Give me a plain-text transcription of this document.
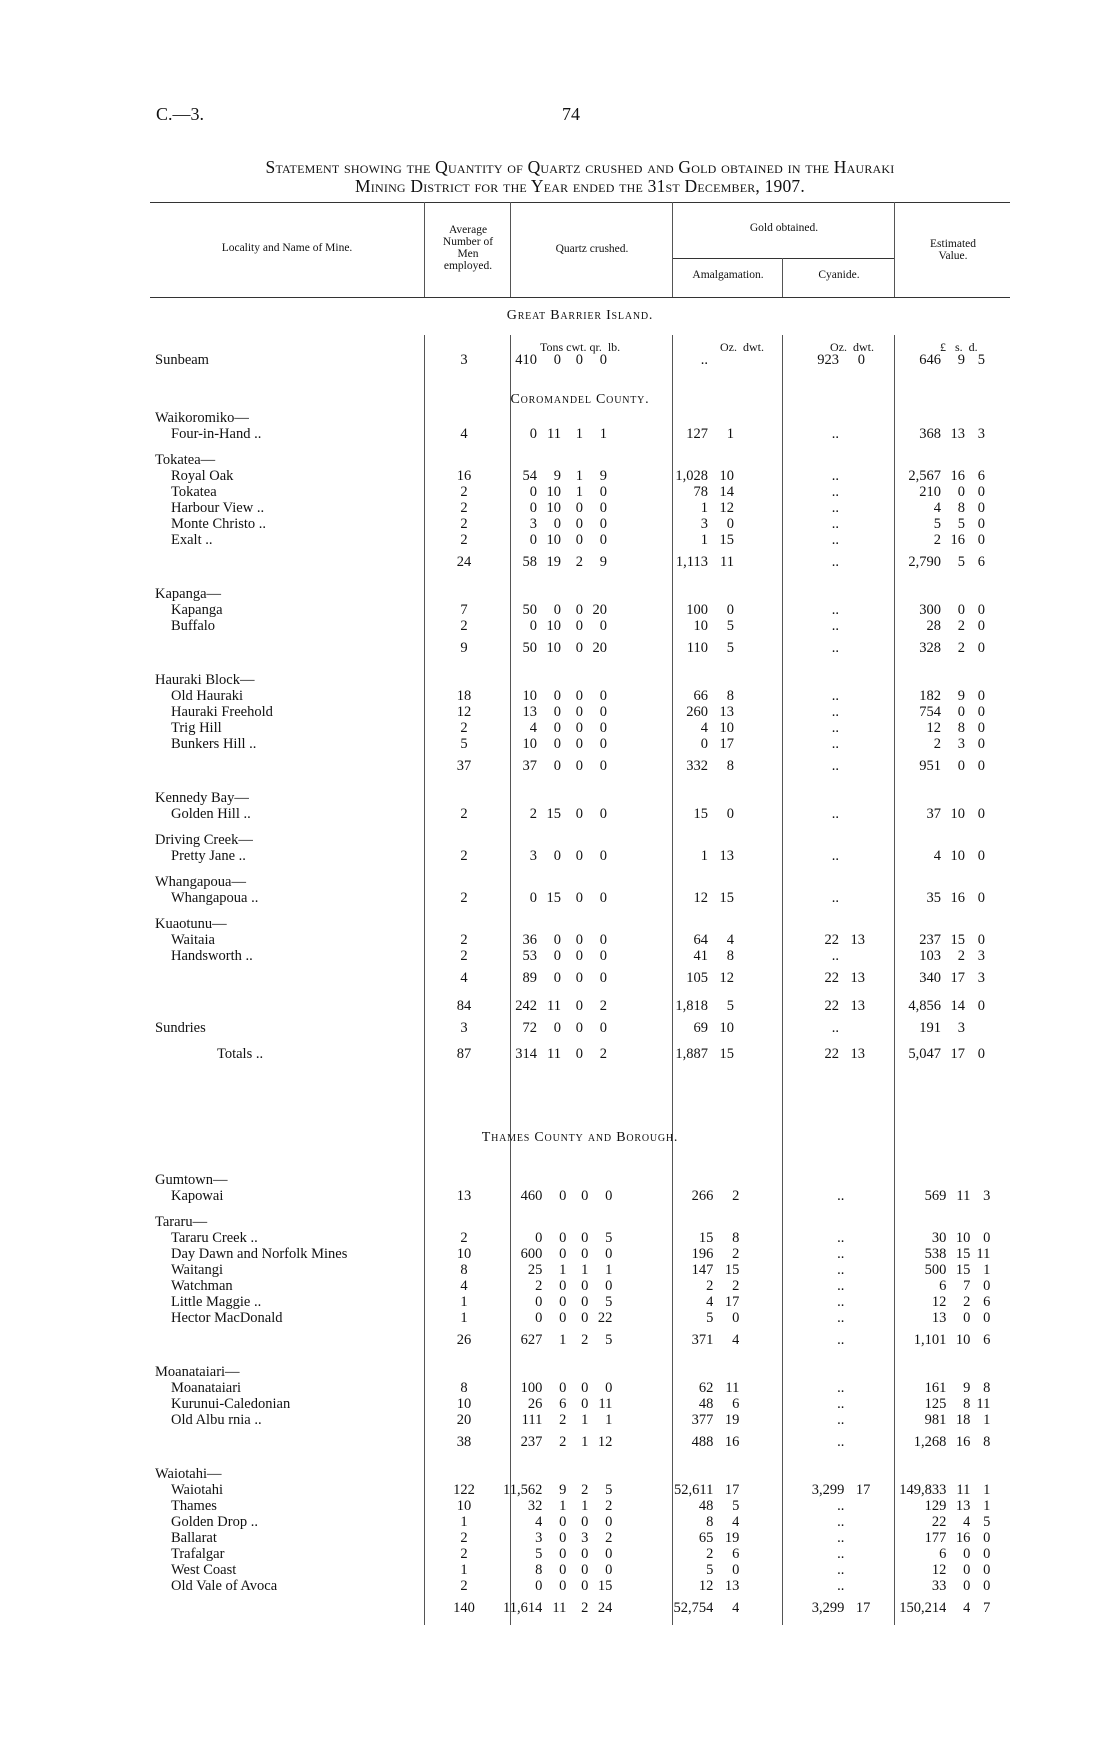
C.—3.	74
Statement showing the Quantity of Quartz crushed and Gold obtained in the Hauraki
Mining District for the Year ended the 31st December, 1907.
Locality and Name of Mine.
Average
Number of
Men
employed.
Quartz crushed.
Gold obtained.
Amalgamation.	Cyanide.
Estimated
Value.
Tons cwt. qr.  lb.	Oz.  dwt.	Oz.  dwt.	£   s.  d.
Great Barrier Island.
Coromandel County.
Thames County and Borough.
Sunbeam	3	410	0	0	0		..			923	0		646	9	5
Waikoromiko—															
Four-in-Hand ..	4	0	11	1	1		127	1		..			368	13	3

Tokatea—															
Royal Oak	16	54	9	1	9		1,028	10		..			2,567	16	6
Tokatea	2	0	10	1	0		78	14		..			210	0	0
Harbour View ..	2	0	10	0	0		1	12		..			4	8	0
Monte Christo ..	2	3	0	0	0		3	0		..			5	5	0
Exalt ..	2	0	10	0	0		1	15		..			2	16	0
	24	58	19	2	9		1,113	11		..			2,790	5	6

Kapanga—															
Kapanga	7	50	0	0	20		100	0		..			300	0	0
Buffalo	2	0	10	0	0		10	5		..			28	2	0
	9	50	10	0	20		110	5		..			328	2	0

Hauraki Block—															
Old Hauraki	18	10	0	0	0		66	8		..			182	9	0
Hauraki Freehold	12	13	0	0	0		260	13		..			754	0	0
Trig Hill	2	4	0	0	0		4	10		..			12	8	0
Bunkers Hill ..	5	10	0	0	0		0	17		..			2	3	0
	37	37	0	0	0		332	8		..			951	0	0

Kennedy Bay—															
Golden Hill ..	2	2	15	0	0		15	0		..			37	10	0

Driving Creek—															
Pretty Jane ..	2	3	0	0	0		1	13		..			4	10	0

Whangapoua—															
Whangapoua ..	2	0	15	0	0		12	15		..			35	16	0

Kuaotunu—															
Waitaia	2	36	0	0	0		64	4		22	13		237	15	0
Handsworth ..	2	53	0	0	0		41	8		..			103	2	3
	4	89	0	0	0		105	12		22	13		340	17	3
	84	242	11	0	2		1,818	5		22	13		4,856	14	0
Sundries	3	72	0	0	0		69	10		..			191	3	

Totals ..	87	314	11	0	2		1,887	15		22	13		5,047	17	0
Gumtown—															
Kapowai	13	460	0	0	0		266	2		..			569	11	3

Tararu—															
Tararu Creek ..	2	0	0	0	5		15	8		..			30	10	0
Day Dawn and Norfolk Mines	10	600	0	0	0		196	2		..			538	15	11
Waitangi	8	25	1	1	1		147	15		..			500	15	1
Watchman	4	2	0	0	0		2	2		..			6	7	0
Little Maggie ..	1	0	0	0	5		4	17		..			12	2	6
Hector MacDonald	1	0	0	0	22		5	0		..			13	0	0
	26	627	1	2	5		371	4		..			1,101	10	6

Moanataiari—															
Moanataiari	8	100	0	0	0		62	11		..			161	9	8
Kurunui-Caledonian	10	26	6	0	11		48	6		..			125	8	11
Old Albu rnia ..	20	111	2	1	1		377	19		..			981	18	1
	38	237	2	1	12		488	16		..			1,268	16	8

Waiotahi—															
Waiotahi	122	11,562	9	2	5		52,611	17		3,299	17		149,833	11	1
Thames	10	32	1	1	2		48	5		..			129	13	1
Golden Drop ..	1	4	0	0	0		8	4		..			22	4	5
Ballarat	2	3	0	3	2		65	19		..			177	16	0
Trafalgar	2	5	0	0	0		2	6		..			6	0	0
West Coast	1	8	0	0	0		5	0		..			12	0	0
Old Vale of Avoca	2	0	0	0	15		12	13		..			33	0	0
	140	11,614	11	2	24		52,754	4		3,299	17		150,214	4	7
